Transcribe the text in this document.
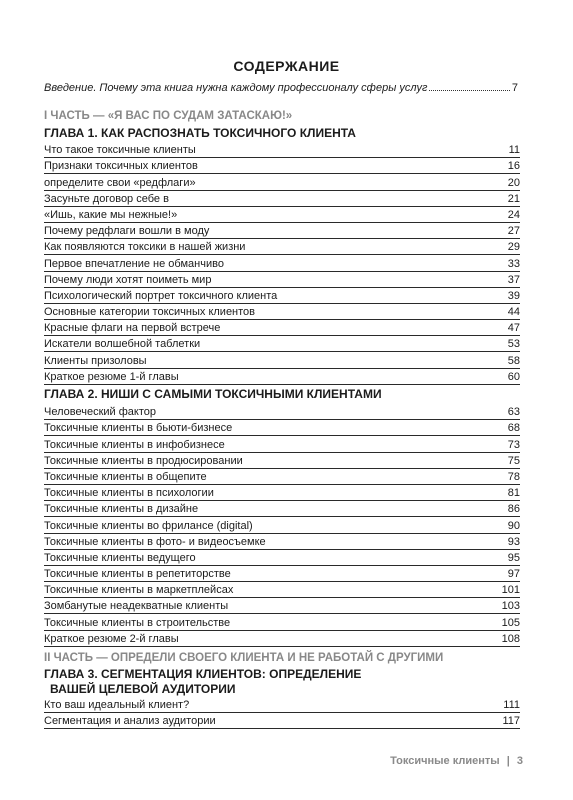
СОДЕРЖАНИЕ
Введение. Почему эта книга нужна каждому профессионалу сферы услуг	7
I ЧАСТЬ — «Я ВАС ПО СУДАМ ЗАТАСКАЮ!»
ГЛАВА 1. КАК РАСПОЗНАТЬ ТОКСИЧНОГО КЛИЕНТА
Что такое токсичные клиенты	11
Признаки токсичных клиентов	16
определите свои «редфлаги»	20
Засуньте договор себе в	21
«Ишь, какие мы нежные!»	24
Почему редфлаги вошли в моду	27
Как появляются токсики в нашей жизни	29
Первое впечатление не обманчиво	33
Почему люди хотят поиметь мир	37
Психологический портрет токсичного клиента	39
Основные категории токсичных клиентов	44
Красные флаги на первой встрече	47
Искатели волшебной таблетки	53
Клиенты призоловы	58
Краткое резюме 1-й главы	60
ГЛАВА 2. НИШИ С САМЫМИ ТОКСИЧНЫМИ КЛИЕНТАМИ
Человеческий фактор	63
Токсичные клиенты в бьюти-бизнесе	68
Токсичные клиенты в инфобизнесе	73
Токсичные клиенты в продюсировании	75
Токсичные клиенты в общепите	78
Токсичные клиенты в психологии	81
Токсичные клиенты в дизайне	86
Токсичные клиенты во фрилансе (digital)	90
Токсичные клиенты в фото- и видеосъемке	93
Токсичные клиенты ведущего	95
Токсичные клиенты в репетиторстве	97
Токсичные клиенты в маркетплейсах	101
Зомбанутые неадекватные клиенты	103
Токсичные клиенты в строительстве	105
Краткое резюме 2-й главы	108
II ЧАСТЬ — ОПРЕДЕЛИ СВОЕГО КЛИЕНТА И НЕ РАБОТАЙ С ДРУГИМИ
ГЛАВА 3. СЕГМЕНТАЦИЯ КЛИЕНТОВ: ОПРЕДЕЛЕНИЕ
ВАШЕЙ ЦЕЛЕВОЙ АУДИТОРИИ
Кто ваш идеальный клиент?	111
Сегментация и анализ аудитории	117
Токсичные клиенты | 3
